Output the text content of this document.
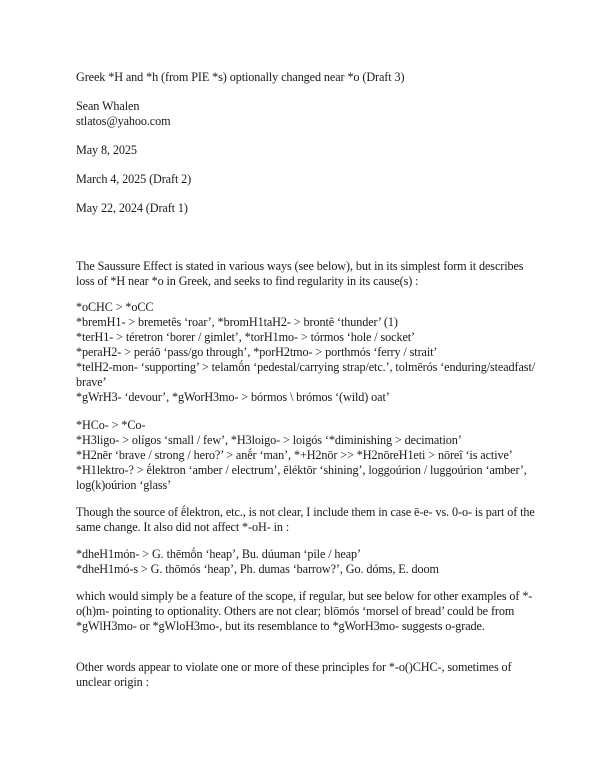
Greek *H and *h (from PIE *s) optionally changed near *o (Draft 3)
Sean Whalen
stlatos@yahoo.com
May 8, 2025
March 4, 2025 (Draft 2)
May 22, 2024 (Draft 1)
The Saussure Effect is stated in various ways (see below), but in its simplest form it describes
loss of *H near *o in Greek, and seeks to find regularity in its cause(s) :
*oCHC > *oCC
*bremH1- > bremetês ‘roar’, *bromH1taH2- > brontê ‘thunder’ (1)
*terH1- > téretron ‘borer / gimlet’, *torH1mo- > tórmos ‘hole / socket’
*peraH2- > peráō ‘pass/go through’, *porH2tmo- > porthmós ‘ferry / strait’
*telH2-mon- ‘supporting’ > telamṓn ‘pedestal/carrying strap/etc.’, tolmērós ‘enduring/steadfast/
brave’
*gWrH3- ‘devour’, *gWorH3mo- > bórmos \ brómos ‘(wild) oat’
*HCo- > *Co-
*H3ligo- > olígos ‘small / few’, *H3loigo- > loigós ‘*diminishing > decimation’
*H2nēr ‘brave / strong / hero?’ > anḗr ‘man’, *+H2nōr >> *H2nōreH1eti > nōreî ‘is active’
*H1lektro-? > ḗlektron ‘amber / electrum’, ēléktōr ‘shining’, loggoúrion / luggoúrion ‘amber’,
log(k)oúrion ‘glass’
Though the source of ḗlektron, etc., is not clear, I include them in case ē-e- vs. 0-o- is part of the
same change. It also did not affect *-oH- in :
*dheH1món- > G. thēmṓn ‘heap’, Bu. dúuman ‘pile / heap’
*dheH1mó-s > G. thōmós ‘heap’, Ph. dumas ‘barrow?’, Go. dóms, E. doom
which would simply be a feature of the scope, if regular, but see below for other examples of *-
o(h)m- pointing to optionality. Others are not clear; blōmós ‘morsel of bread’ could be from
*gWlH3mo- or *gWloH3mo-, but its resemblance to *gWorH3mo- suggests o-grade.
Other words appear to violate one or more of these principles for *-o()CHC-, sometimes of
unclear origin :
